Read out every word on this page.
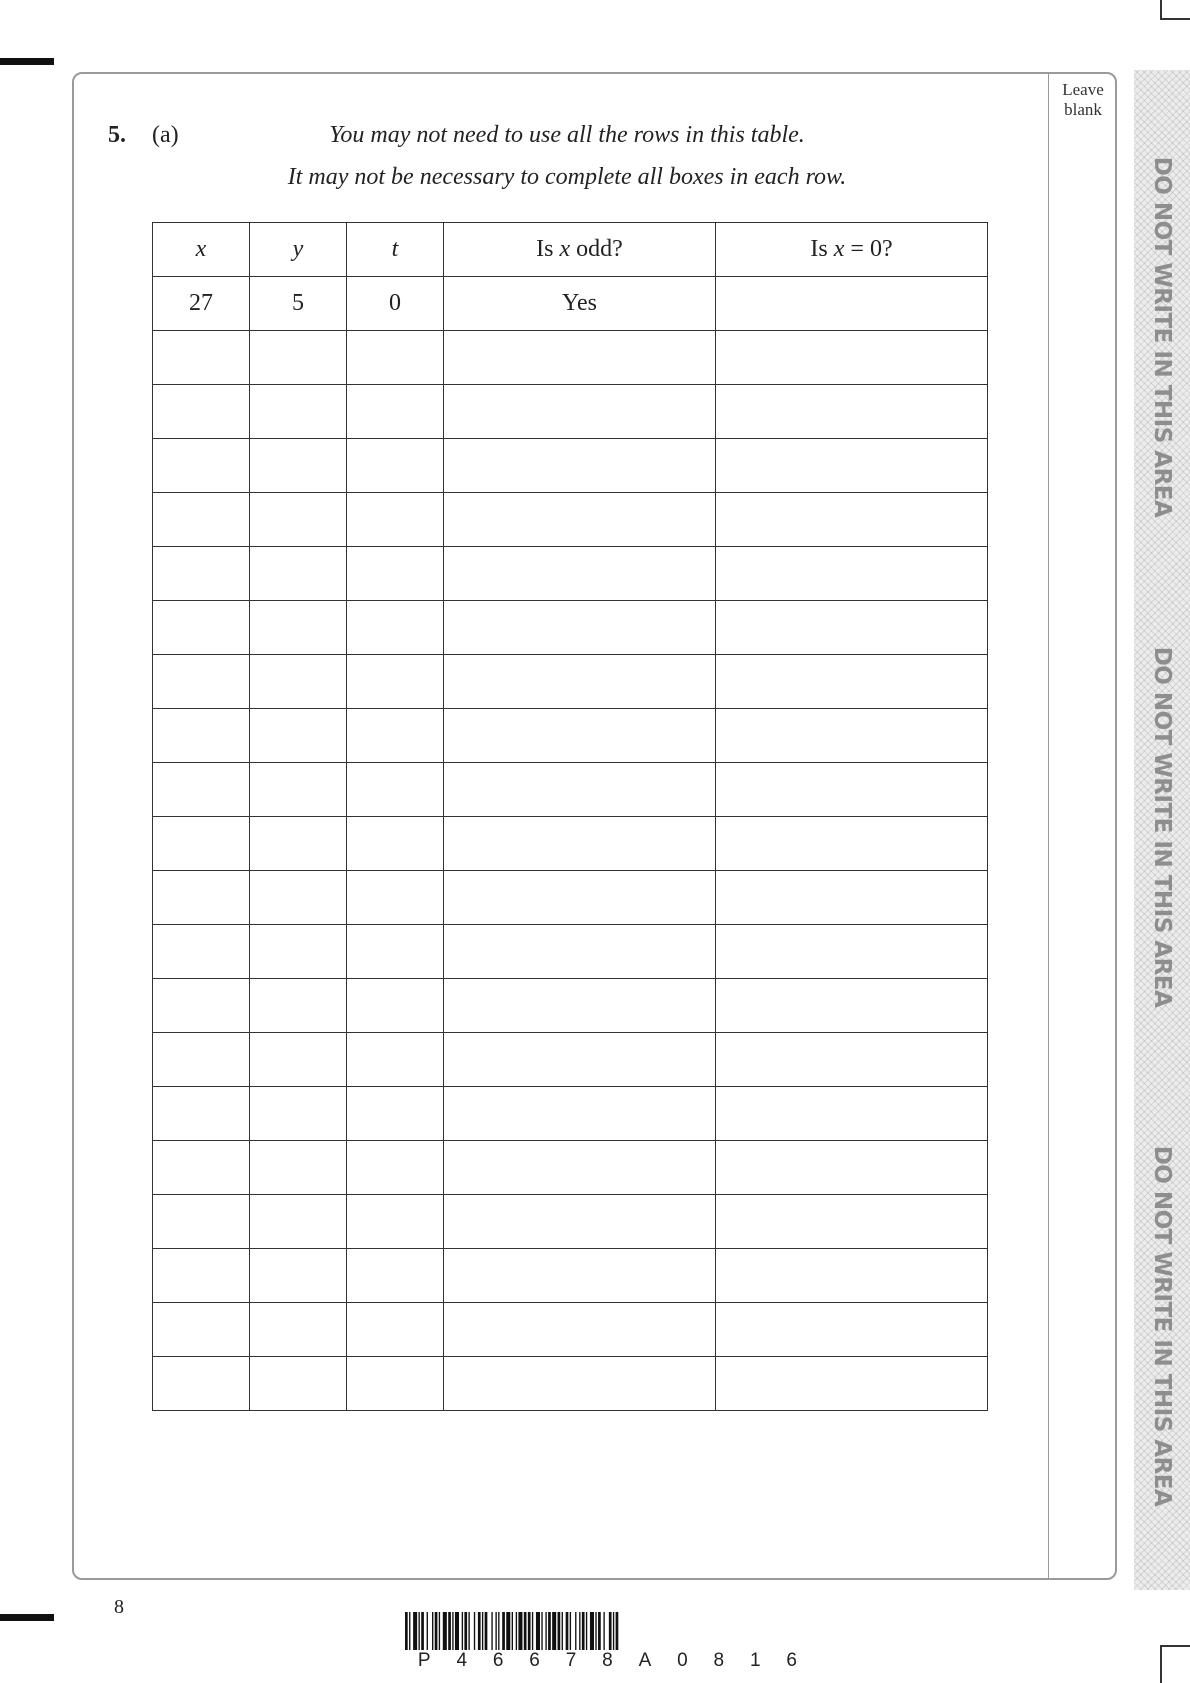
Leave blank
DO NOT WRITE IN THIS AREA
DO NOT WRITE IN THIS AREA
DO NOT WRITE IN THIS AREA
5. (a)	You may not need to use all the rows in this table.
It may not be necessary to complete all boxes in each row.
x	y	t	Is x odd?	Is x = 0?
27	5	0	Yes	

8
P 4 6 6 7 8 A 0 8 1 6
